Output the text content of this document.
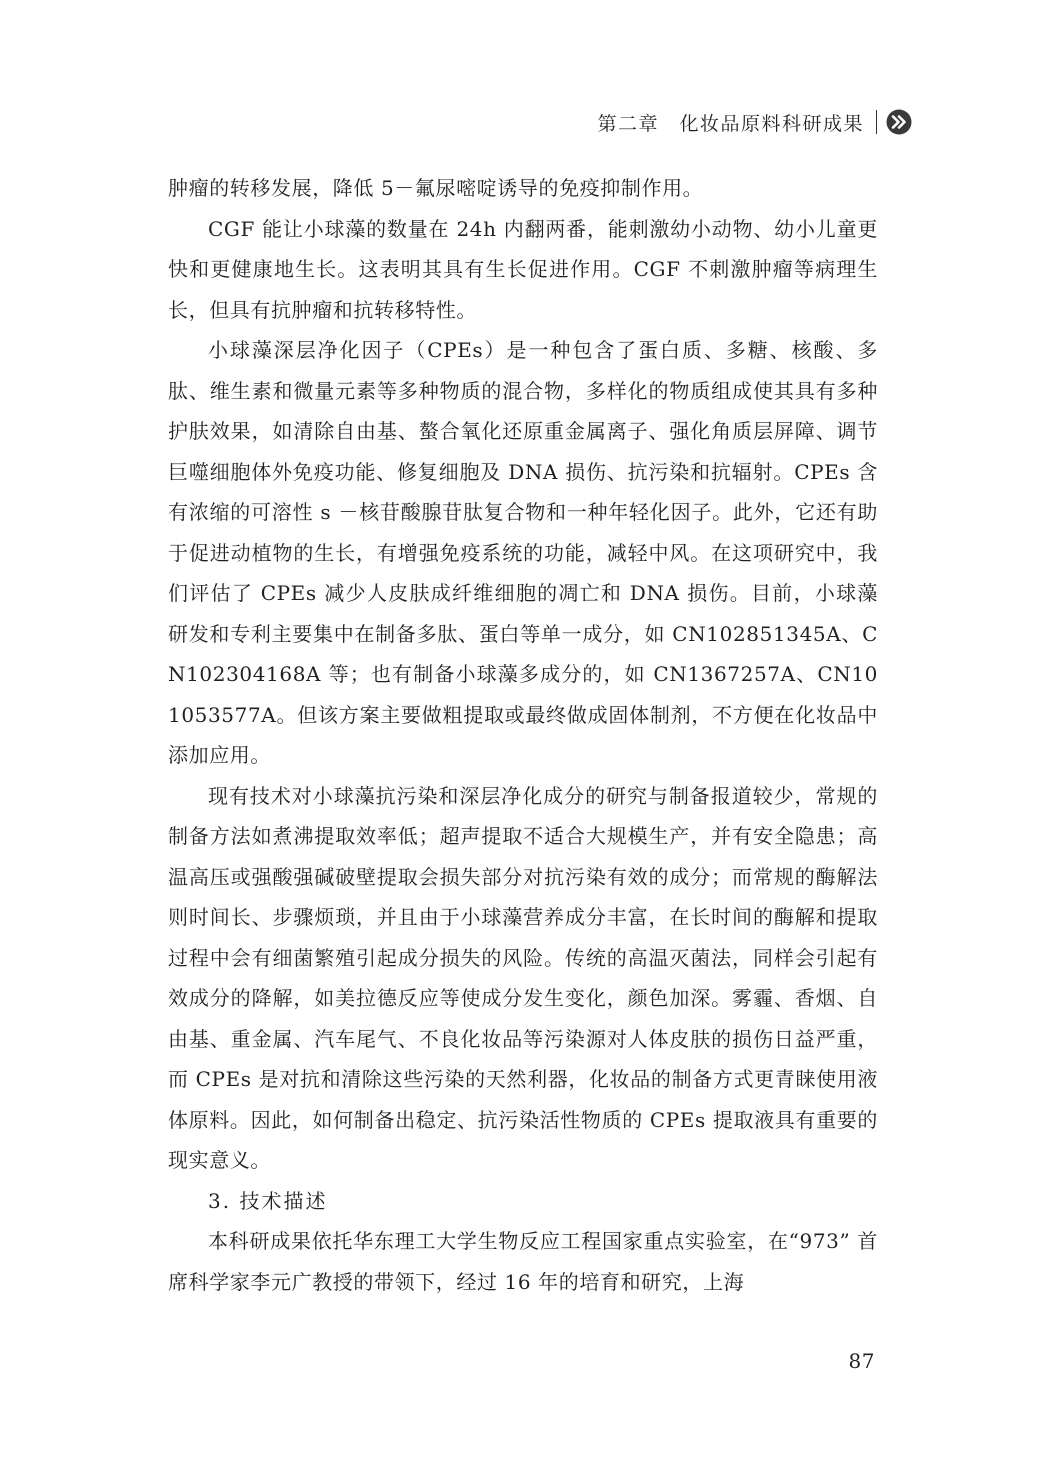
第二章　化妆品原料科研成果

肿瘤的转移发展，降低 5－氟尿嘧啶诱导的免疫抑制作用。

CGF 能让小球藻的数量在 24h 内翻两番，能刺激幼小动物、幼小儿童更快和更健康地生长。这表明其具有生长促进作用。CGF 不刺激肿瘤等病理生长，但具有抗肿瘤和抗转移特性。

小球藻深层净化因子（CPEs）是一种包含了蛋白质、多糖、核酸、多肽、维生素和微量元素等多种物质的混合物，多样化的物质组成使其具有多种护肤效果，如清除自由基、螯合氧化还原重金属离子、强化角质层屏障、调节巨噬细胞体外免疫功能、修复细胞及 DNA 损伤、抗污染和抗辐射。CPEs 含有浓缩的可溶性 s －核苷酸腺苷肽复合物和一种年轻化因子。此外，它还有助于促进动植物的生长，有增强免疫系统的功能，减轻中风。在这项研究中，我们评估了 CPEs 减少人皮肤成纤维细胞的凋亡和 DNA 损伤。目前，小球藻研发和专利主要集中在制备多肽、蛋白等单一成分，如 CN102851345A、CN102304168A 等；也有制备小球藻多成分的，如 CN1367257A、CN101053577A。但该方案主要做粗提取或最终做成固体制剂，不方便在化妆品中添加应用。

现有技术对小球藻抗污染和深层净化成分的研究与制备报道较少，常规的制备方法如煮沸提取效率低；超声提取不适合大规模生产，并有安全隐患；高温高压或强酸强碱破壁提取会损失部分对抗污染有效的成分；而常规的酶解法则时间长、步骤烦琐，并且由于小球藻营养成分丰富，在长时间的酶解和提取过程中会有细菌繁殖引起成分损失的风险。传统的高温灭菌法，同样会引起有效成分的降解，如美拉德反应等使成分发生变化，颜色加深。雾霾、香烟、自由基、重金属、汽车尾气、不良化妆品等污染源对人体皮肤的损伤日益严重，而 CPEs 是对抗和清除这些污染的天然利器，化妆品的制备方式更青睐使用液体原料。因此，如何制备出稳定、抗污染活性物质的 CPEs 提取液具有重要的现实意义。

3. 技术描述

本科研成果依托华东理工大学生物反应工程国家重点实验室，在“973” 首席科学家李元广教授的带领下，经过 16 年的培育和研究，上海

87
